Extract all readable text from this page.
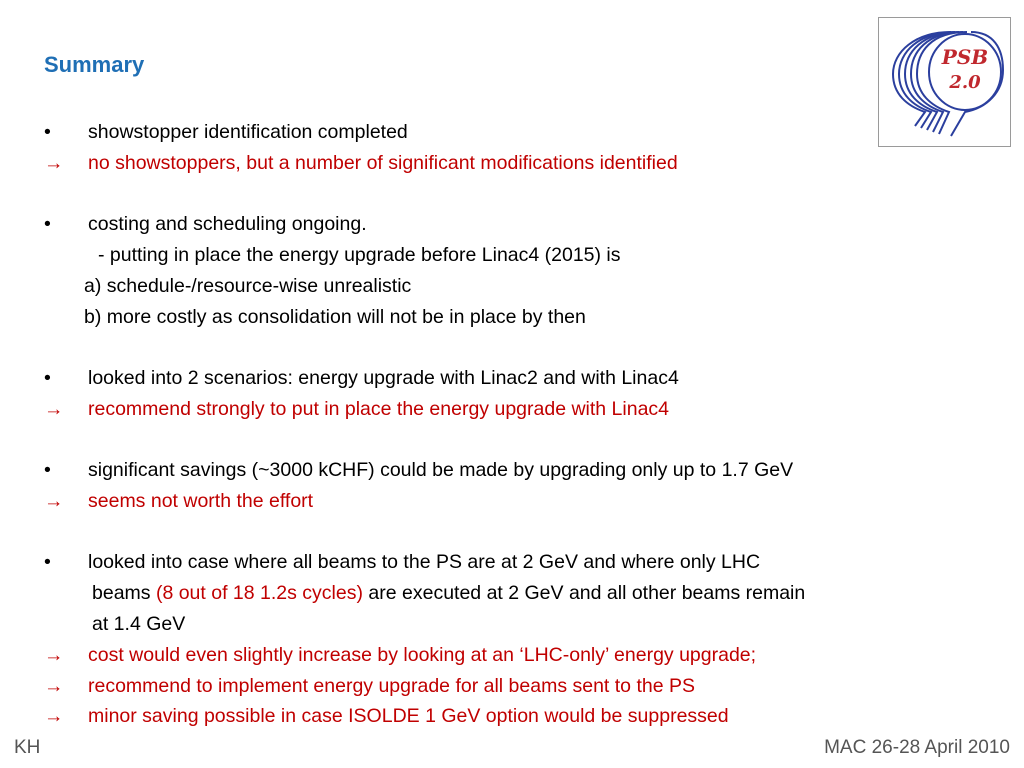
Summary	PSB
2.0
• showstopper identification completed
→ no showstoppers, but a number of significant modifications identified
• costing and scheduling ongoing.
- putting in place the energy upgrade before Linac4 (2015) is
a) schedule-/resource-wise unrealistic
b) more costly as consolidation will not be in place by then
• looked into 2 scenarios: energy upgrade with Linac2 and with Linac4
→ recommend strongly to put in place the energy upgrade with Linac4
• significant savings (~3000 kCHF) could be made by upgrading only up to 1.7 GeV
→ seems not worth the effort
• looked into case where all beams to the PS are at 2 GeV and where only LHC
beams (8 out of 18 1.2s cycles) are executed at 2 GeV and all other beams remain
at 1.4 GeV
→ cost would even slightly increase by looking at an ‘LHC-only’ energy upgrade;
→ recommend to implement energy upgrade for all beams sent to the PS
→ minor saving possible in case ISOLDE 1 GeV option would be suppressed
KH	MAC 26-28 April 2010
